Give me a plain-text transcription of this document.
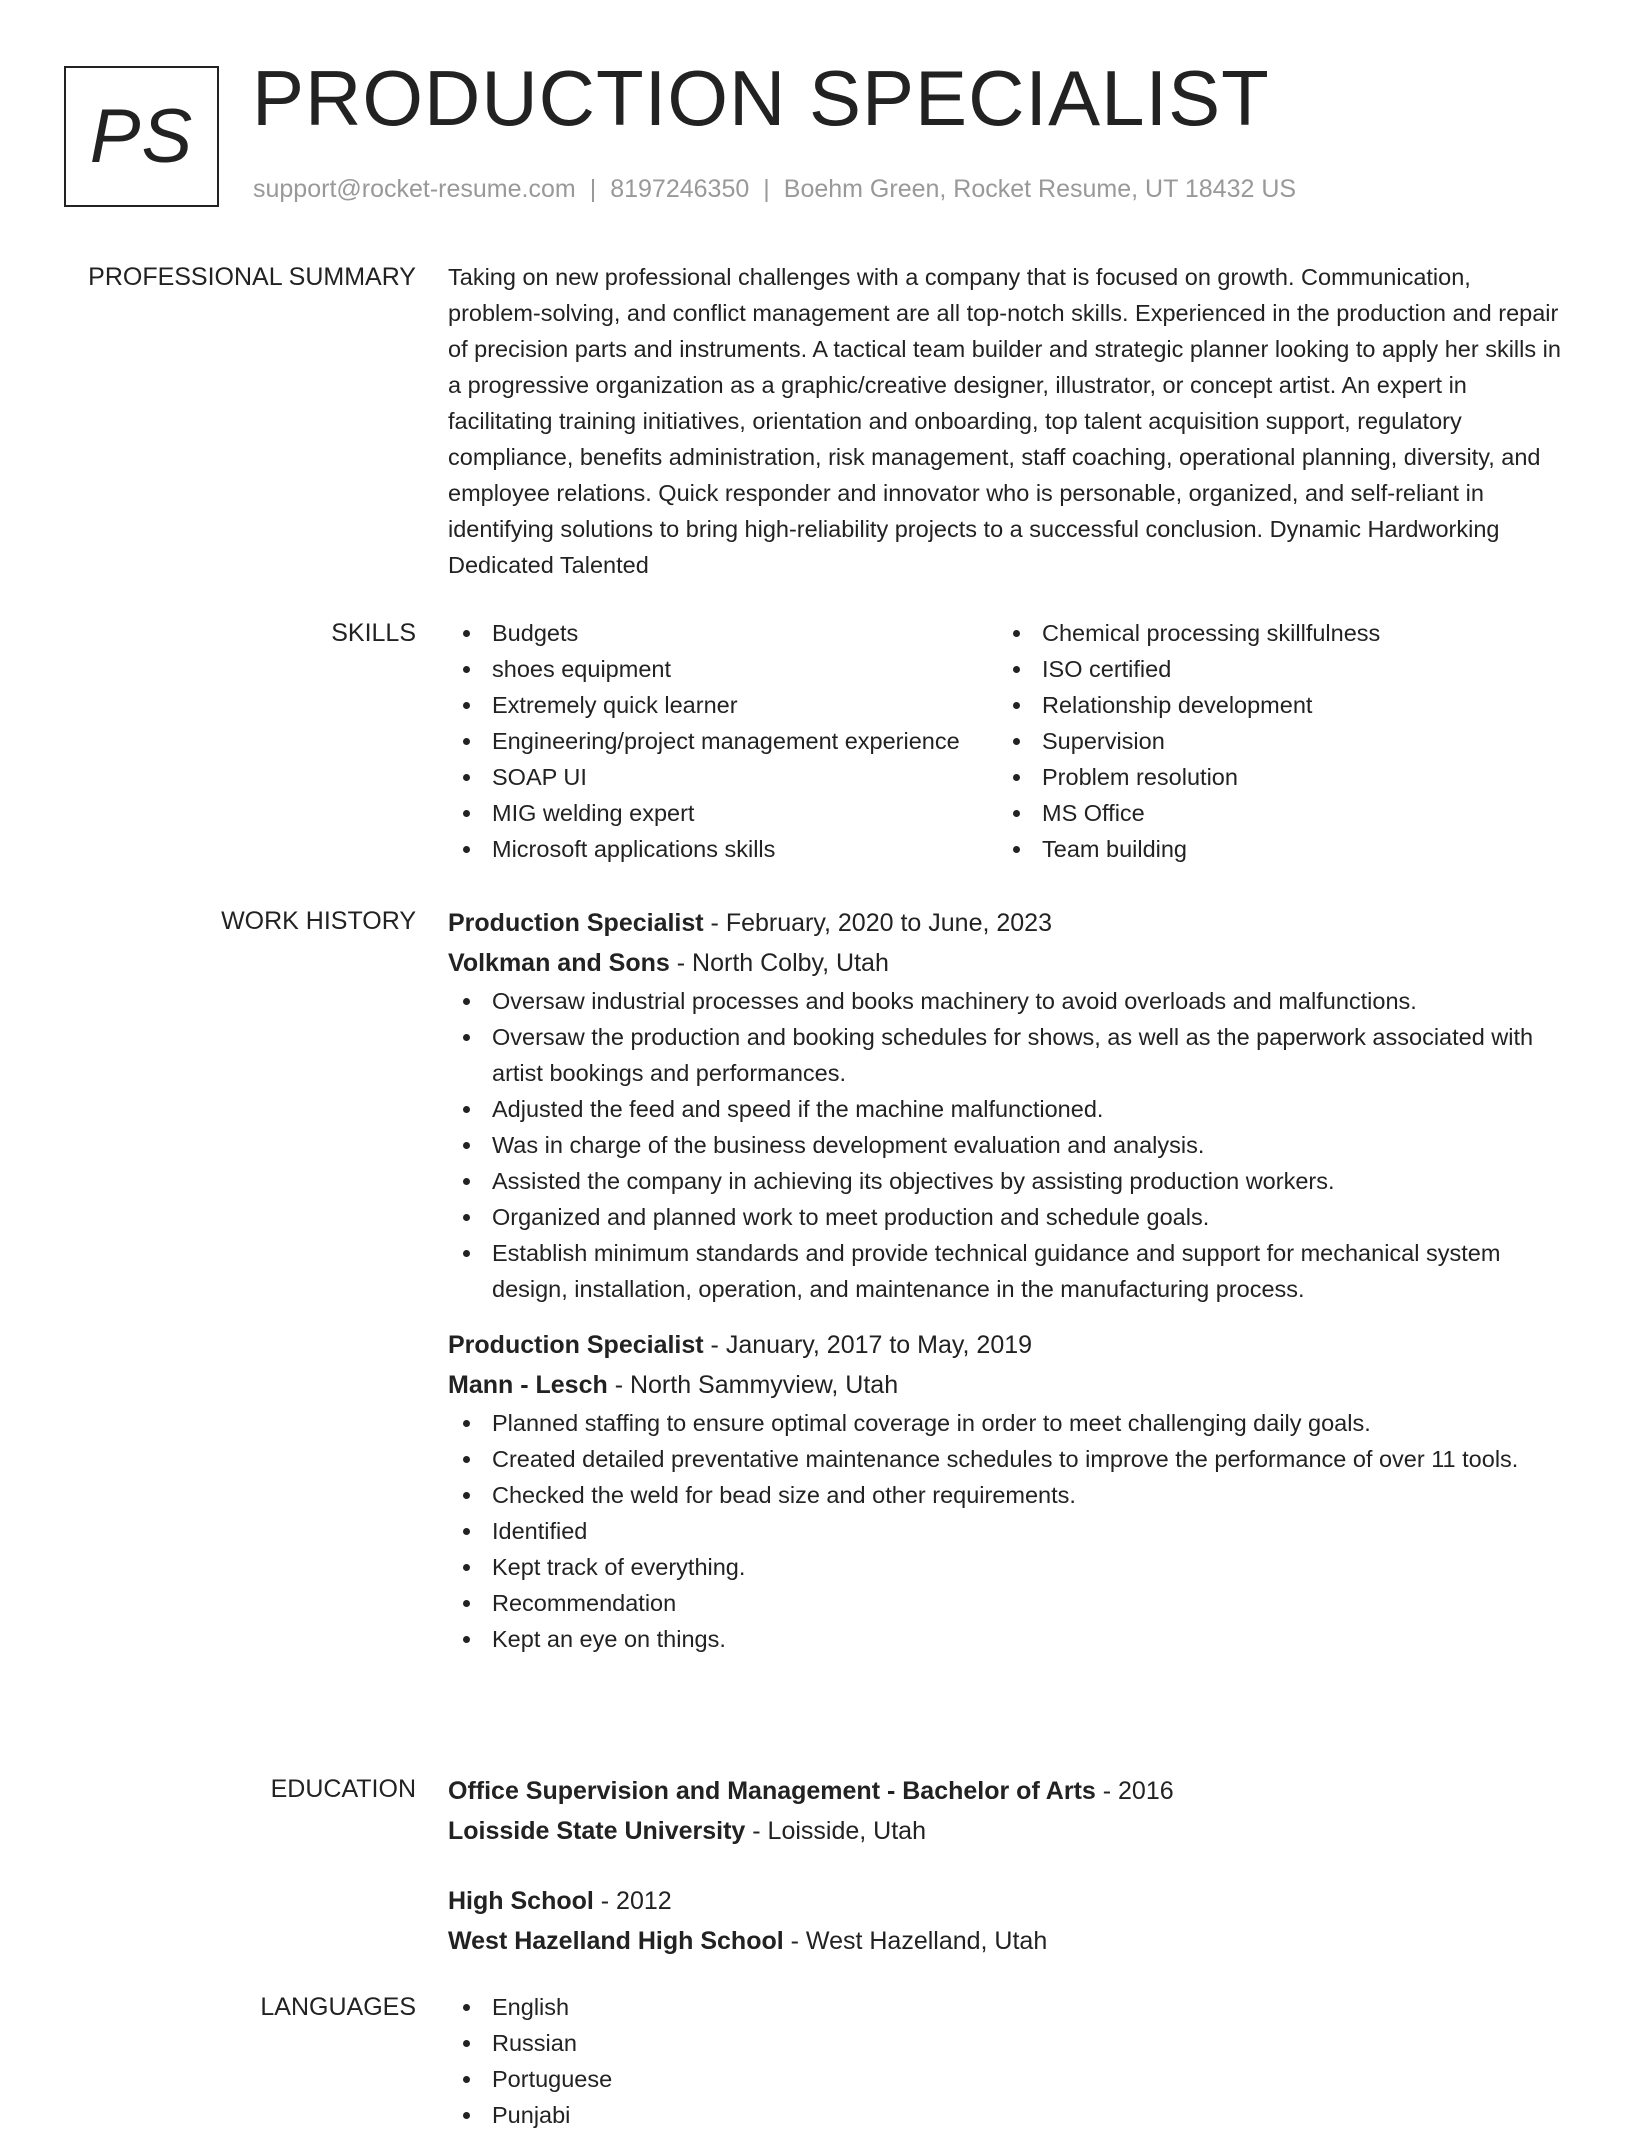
PS PRODUCTION SPECIALIST
support@rocket-resume.com | 8197246350 | Boehm Green, Rocket Resume, UT 18432 US
PROFESSIONAL SUMMARY Taking on new professional challenges with a company that is focused on growth. Communication, problem-solving, and conflict management are all top-notch skills. Experienced in the production and repair of precision parts and instruments. A tactical team builder and strategic planner looking to apply her skills in a progressive organization as a graphic/creative designer, illustrator, or concept artist. An expert in facilitating training initiatives, orientation and onboarding, top talent acquisition support, regulatory compliance, benefits administration, risk management, staff coaching, operational planning, diversity, and employee relations. Quick responder and innovator who is personable, organized, and self-reliant in identifying solutions to bring high-reliability projects to a successful conclusion. Dynamic Hardworking Dedicated Talented

SKILLS	Budgets
shoes equipment
Extremely quick learner
Engineering/project management experience
SOAP UI
MIG welding expert
Microsoft applications skills
Chemical processing skillfulness
ISO certified
Relationship development
Supervision
Problem resolution
MS Office
Team building
WORK HISTORY Production Specialist - February, 2020 to June, 2023
Volkman and Sons - North Colby, Utah
Oversaw industrial processes and books machinery to avoid overloads and malfunctions.
Oversaw the production and booking schedules for shows, as well as the paperwork associated with artist bookings and performances.
Adjusted the feed and speed if the machine malfunctioned.
Was in charge of the business development evaluation and analysis.
Assisted the company in achieving its objectives by assisting production workers.
Organized and planned work to meet production and schedule goals.
Establish minimum standards and provide technical guidance and support for mechanical system design, installation, operation, and maintenance in the manufacturing process.
Production Specialist - January, 2017 to May, 2019
Mann - Lesch - North Sammyview, Utah
Planned staffing to ensure optimal coverage in order to meet challenging daily goals.
Created detailed preventative maintenance schedules to improve the performance of over 11 tools.
Checked the weld for bead size and other requirements.
Identified
Kept track of everything.
Recommendation
Kept an eye on things.
EDUCATION Office Supervision and Management - Bachelor of Arts - 2016
Loisside State University - Loisside, Utah
High School - 2012
West Hazelland High School - West Hazelland, Utah
LANGUAGES	English
Russian
Portuguese
Punjabi
